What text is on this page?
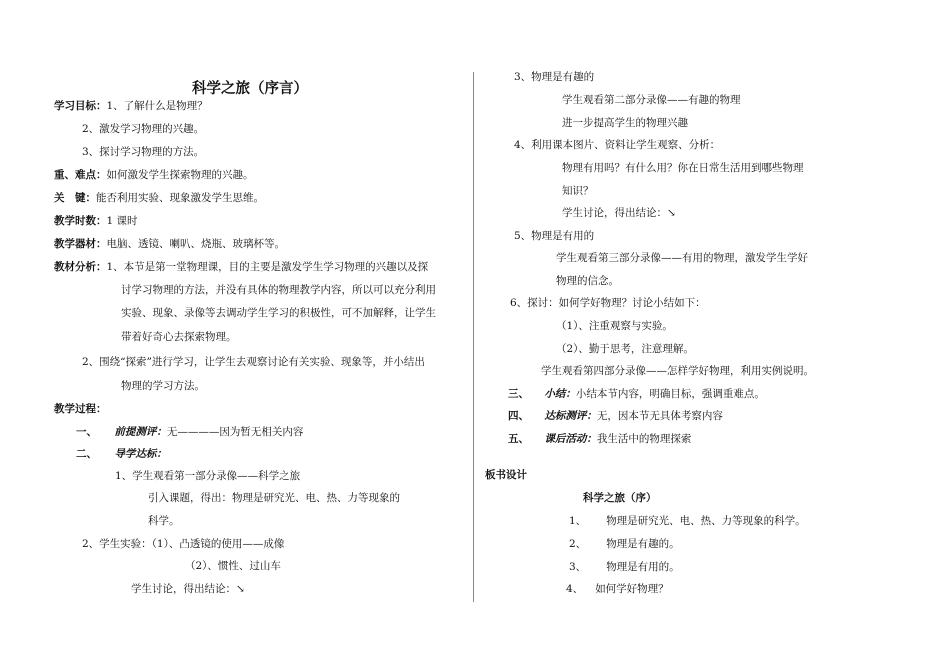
科学之旅（序言）
学习目标：1、了解什么是物理？
2、激发学习物理的兴趣。
3、探讨学习物理的方法。
重、难点：如何激发学生探索物理的兴趣。
关　键：能否利用实验、现象激发学生思维。
教学时数：1 课时
教学器材：电脑、透镜、喇叭、烧瓶、玻璃杯等。
教材分析：1、本节是第一堂物理课，目的主要是激发学生学习物理的兴趣以及探
讨学习物理的方法，并没有具体的物理教学内容，所以可以充分利用
实验、现象、录像等去调动学生学习的积极性，可不加解释，让学生
带着好奇心去探索物理。
2、围绕“探索”进行学习，让学生去观察讨论有关实验、现象等，并小结出
物理的学习方法。
教学过程：
一、 前提测评：无————因为暂无相关内容
二、 导学达标：
1、学生观看第一部分录像——科学之旅
引入课题，得出：物理是研究光、电、热、力等现象的
科学。
2、学生实验：（1）、凸透镜的使用——成像
（2）、惯性、过山车
学生讨论，得出结论：↘
3、物理是有趣的
学生观看第二部分录像——有趣的物理
进一步提高学生的物理兴趣
4、利用课本图片、资料让学生观察、分析：
物理有用吗？有什么用？你在日常生活用到哪些物理
知识？
学生讨论，得出结论：↘
5、物理是有用的
学生观看第三部分录像——有用的物理，激发学生学好
物理的信念。
6、探讨：如何学好物理？讨论小结如下：
（1）、注重观察与实验。
（2）、勤于思考，注意理解。
学生观看第四部分录像——怎样学好物理，利用实例说明。
三、 小结：小结本节内容，明确目标，强调重难点。
四、 达标测评：无，因本节无具体考察内容
五、 课后活动：我生活中的物理探索
板书设计
科学之旅（序）
1、 物理是研究光、电、热、力等现象的科学。
2、 物理是有趣的。
3、 物理是有用的。
4、 如何学好物理？
